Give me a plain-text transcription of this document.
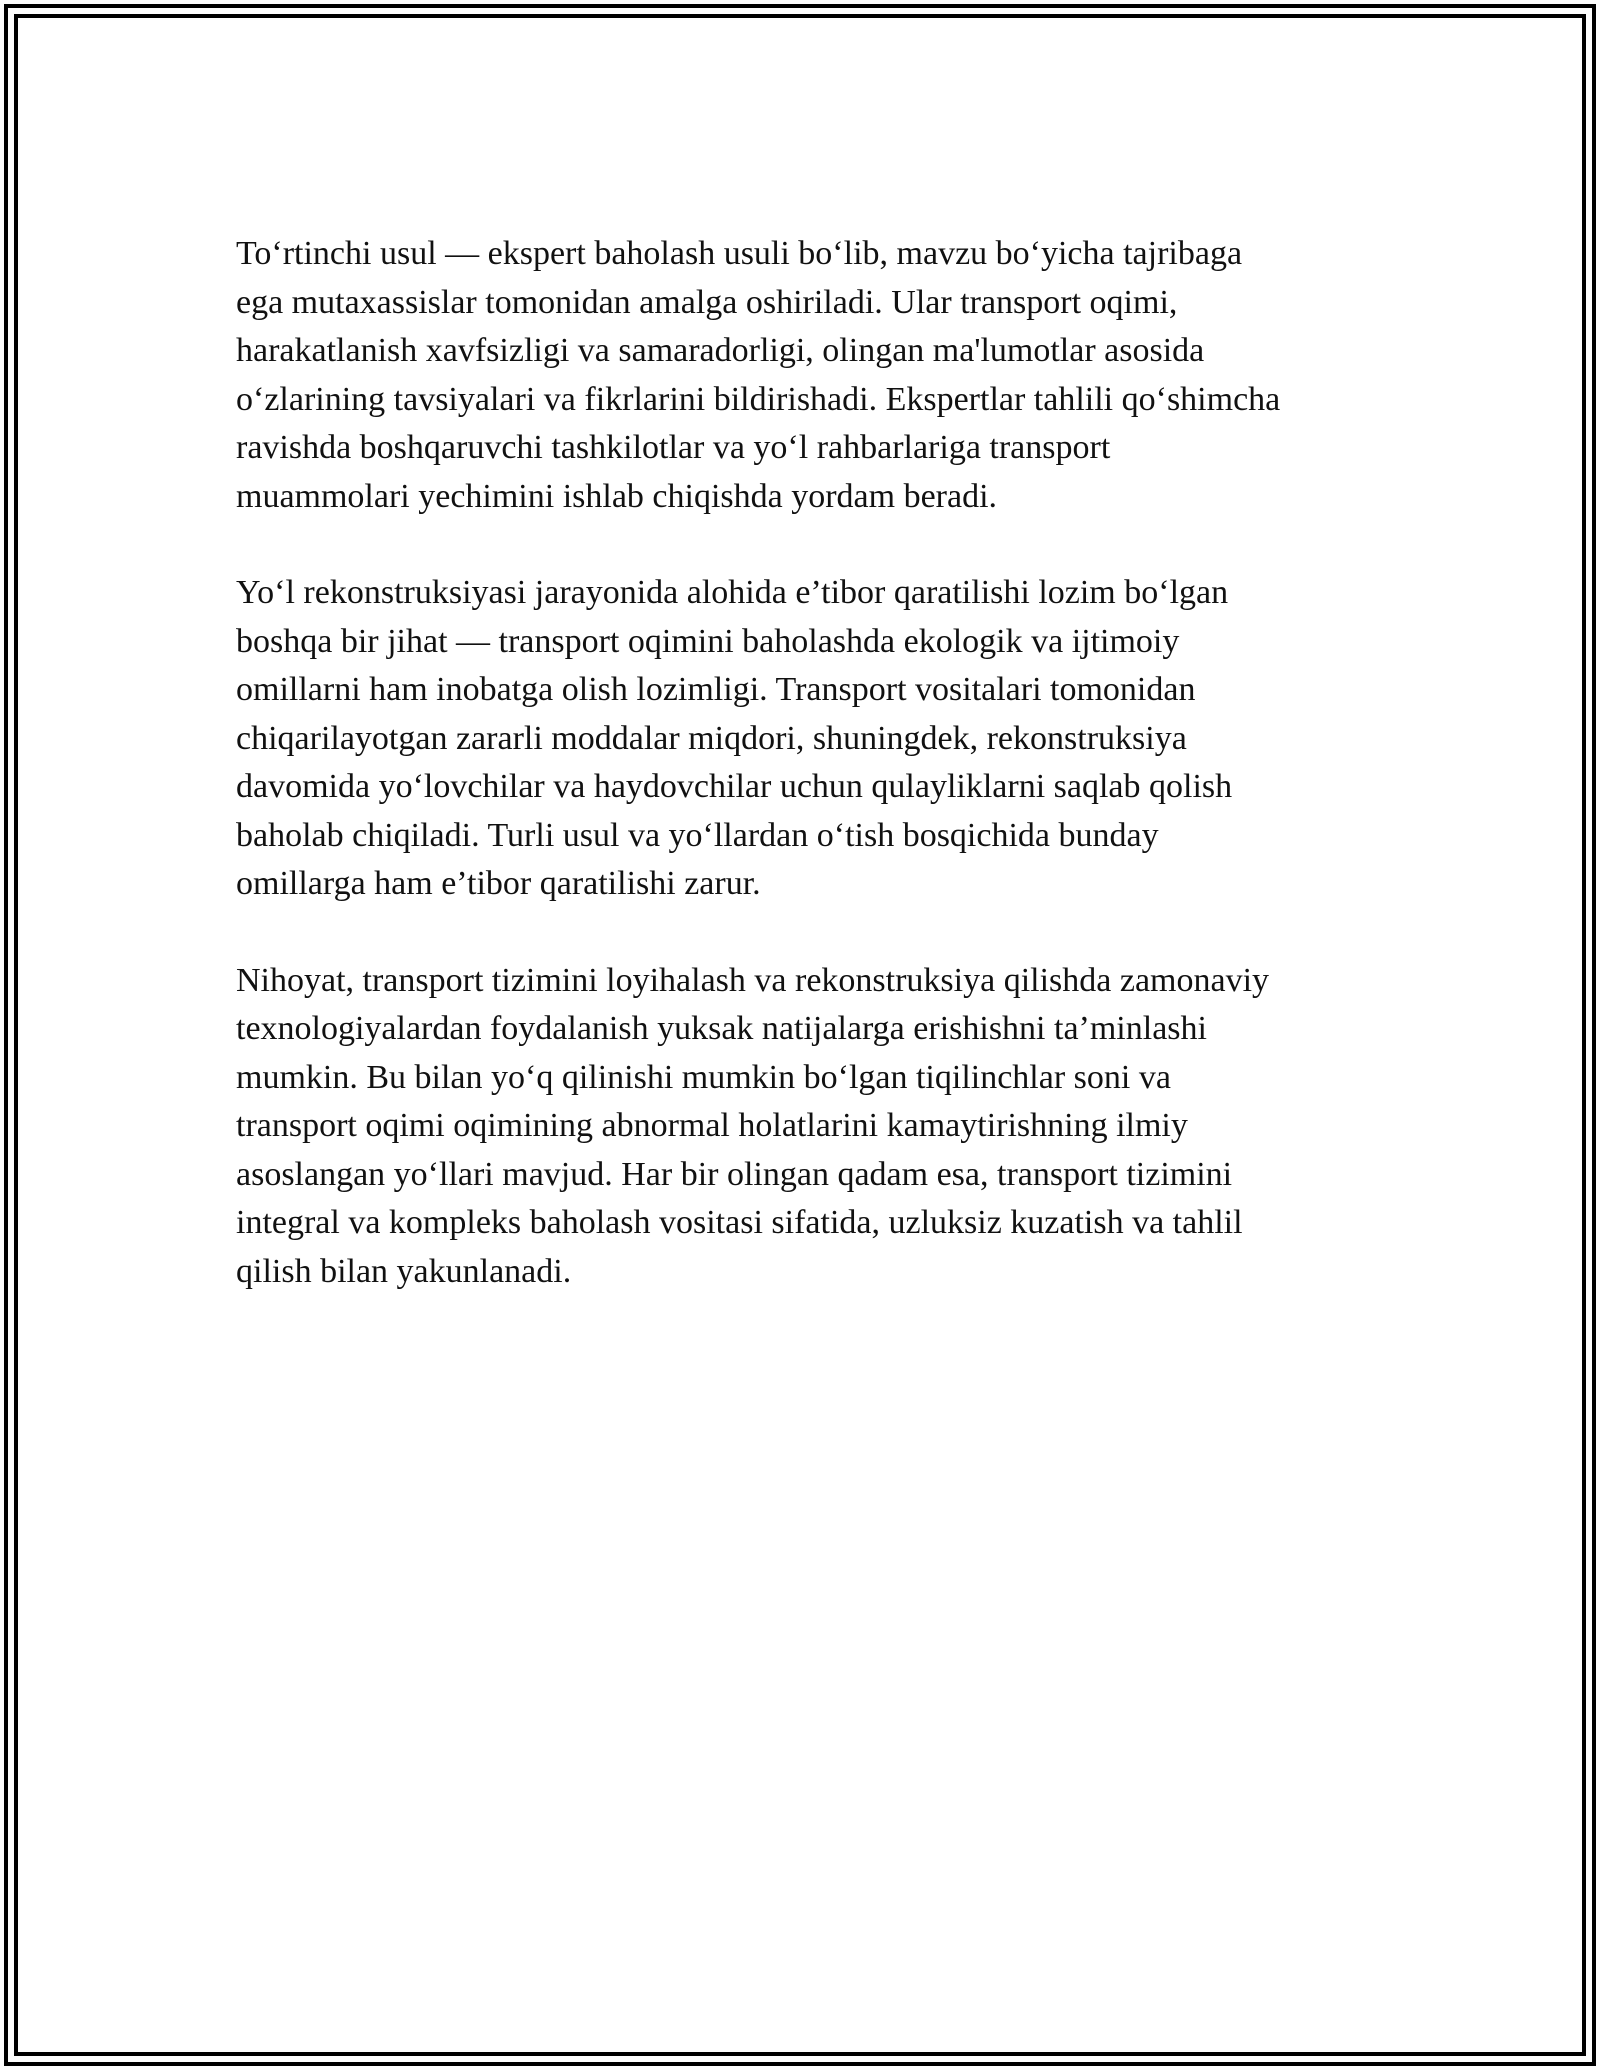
To‘rtinchi usul — ekspert baholash usuli bo‘lib, mavzu bo‘yicha tajribaga
ega mutaxassislar tomonidan amalga oshiriladi. Ular transport oqimi,
harakatlanish xavfsizligi va samaradorligi, olingan ma'lumotlar asosida
o‘zlarining tavsiyalari va fikrlarini bildirishadi. Ekspertlar tahlili qo‘shimcha
ravishda boshqaruvchi tashkilotlar va yo‘l rahbarlariga transport
muammolari yechimini ishlab chiqishda yordam beradi.

Yo‘l rekonstruksiyasi jarayonida alohida e’tibor qaratilishi lozim bo‘lgan
boshqa bir jihat — transport oqimini baholashda ekologik va ijtimoiy
omillarni ham inobatga olish lozimligi. Transport vositalari tomonidan
chiqarilayotgan zararli moddalar miqdori, shuningdek, rekonstruksiya
davomida yo‘lovchilar va haydovchilar uchun qulayliklarni saqlab qolish
baholab chiqiladi. Turli usul va yo‘llardan o‘tish bosqichida bunday
omillarga ham e’tibor qaratilishi zarur.

Nihoyat, transport tizimini loyihalash va rekonstruksiya qilishda zamonaviy
texnologiyalardan foydalanish yuksak natijalarga erishishni ta’minlashi
mumkin. Bu bilan yo‘q qilinishi mumkin bo‘lgan tiqilinchlar soni va
transport oqimi oqimining abnormal holatlarini kamaytirishning ilmiy
asoslangan yo‘llari mavjud. Har bir olingan qadam esa, transport tizimini
integral va kompleks baholash vositasi sifatida, uzluksiz kuzatish va tahlil
qilish bilan yakunlanadi.
